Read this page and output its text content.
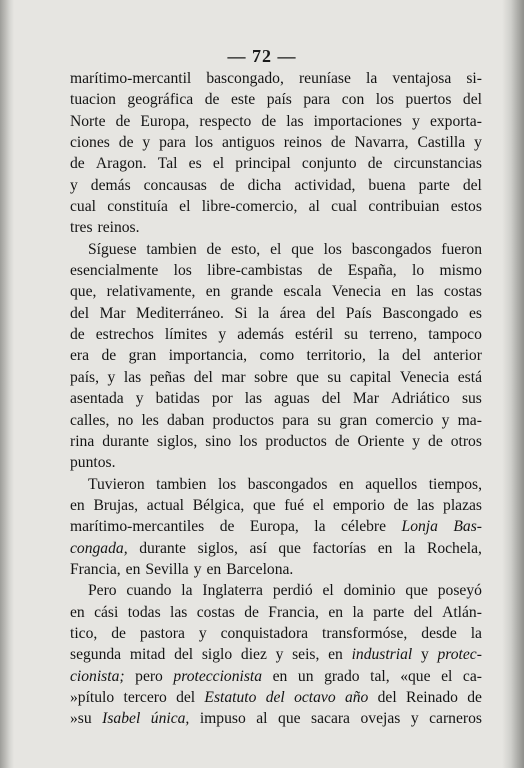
— 72 —
marítimo-mercantil bascongado, reuníase la ventajosa si-
tuacion geográfica de este país para con los puertos del
Norte de Europa, respecto de las importaciones y exporta-
ciones de y para los antiguos reinos de Navarra, Castilla y
de Aragon. Tal es el principal conjunto de circunstancias
y demás concausas de dicha actividad, buena parte del
cual constituía el libre-comercio, al cual contribuian estos
tres reinos.
Síguese tambien de esto, el que los bascongados fueron
esencialmente los libre-cambistas de España, lo mismo
que, relativamente, en grande escala Venecia en las costas
del Mar Mediterráneo. Si la área del País Bascongado es
de estrechos límites y además estéril su terreno, tampoco
era de gran importancia, como territorio, la del anterior
país, y las peñas del mar sobre que su capital Venecia está
asentada y batidas por las aguas del Mar Adriático sus
calles, no les daban productos para su gran comercio y ma-
rina durante siglos, sino los productos de Oriente y de otros
puntos.
Tuvieron tambien los bascongados en aquellos tiempos,
en Brujas, actual Bélgica, que fué el emporio de las plazas
marítimo-mercantiles de Europa, la célebre Lonja Bas-
congada, durante siglos, así que factorías en la Rochela,
Francia, en Sevilla y en Barcelona.
Pero cuando la Inglaterra perdió el dominio que poseyó
en cási todas las costas de Francia, en la parte del Atlán-
tico, de pastora y conquistadora transformóse, desde la
segunda mitad del siglo diez y seis, en industrial y protec-
cionista; pero proteccionista en un grado tal, «que el ca-
»pítulo tercero del Estatuto del octavo año del Reinado de
»su Isabel única, impuso al que sacara ovejas y carneros
